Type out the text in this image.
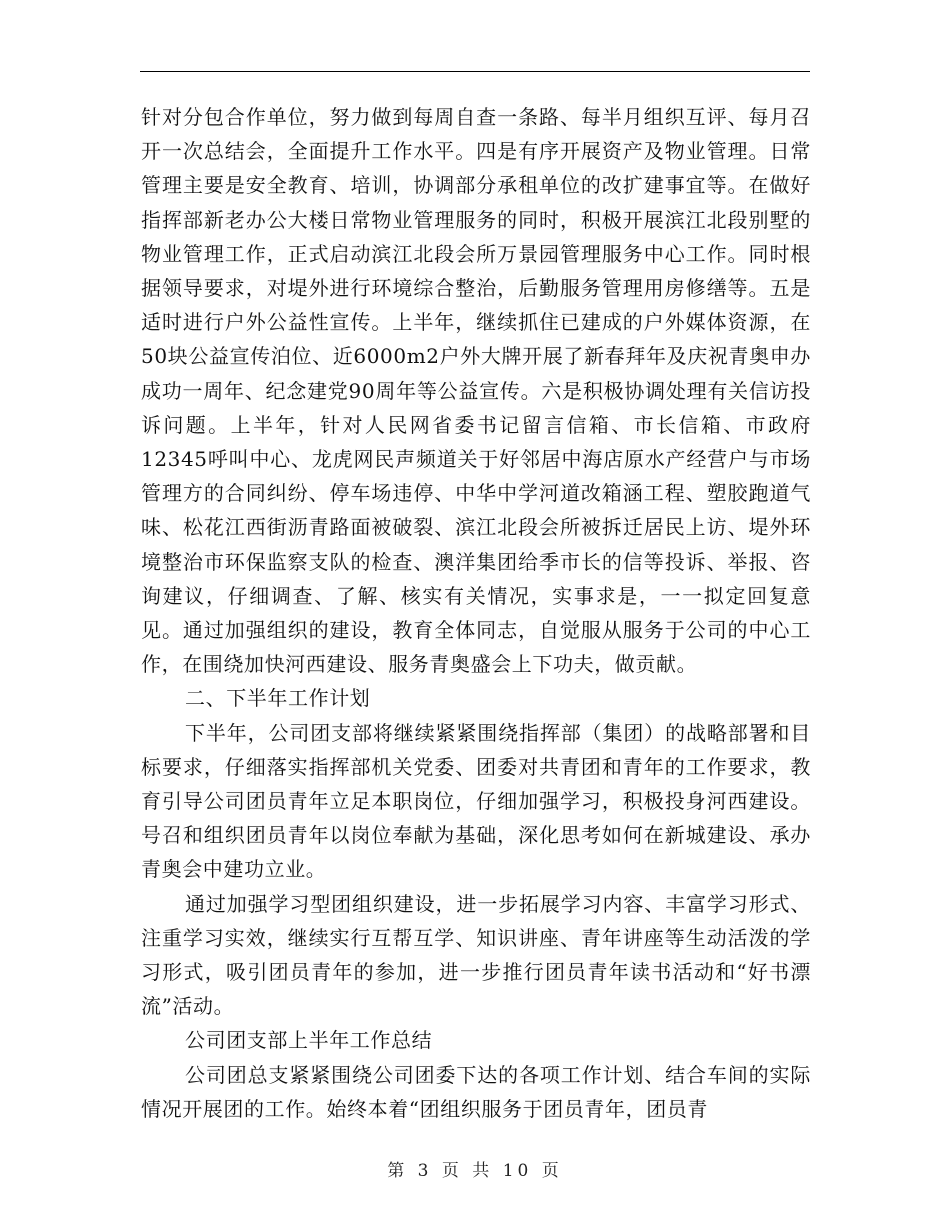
针对分包合作单位，努力做到每周自查一条路、每半月组织互评、每月召开一次总结会，全面提升工作水平。四是有序开展资产及物业管理。日常管理主要是安全教育、培训，协调部分承租单位的改扩建事宜等。在做好指挥部新老办公大楼日常物业管理服务的同时，积极开展滨江北段别墅的物业管理工作，正式启动滨江北段会所万景园管理服务中心工作。同时根据领导要求，对堤外进行环境综合整治，后勤服务管理用房修缮等。五是适时进行户外公益性宣传。上半年，继续抓住已建成的户外媒体资源，在50块公益宣传泊位、近6000m2户外大牌开展了新春拜年及庆祝青奥申办成功一周年、纪念建党90周年等公益宣传。六是积极协调处理有关信访投诉问题。上半年，针对人民网省委书记留言信箱、市长信箱、市政府12345呼叫中心、龙虎网民声频道关于好邻居中海店原水产经营户与市场管理方的合同纠纷、停车场违停、中华中学河道改箱涵工程、塑胶跑道气味、松花江西街沥青路面被破裂、滨江北段会所被拆迁居民上访、堤外环境整治市环保监察支队的检查、澳洋集团给季市长的信等投诉、举报、咨询建议，仔细调查、了解、核实有关情况，实事求是，一一拟定回复意见。通过加强组织的建设，教育全体同志，自觉服从服务于公司的中心工作，在围绕加快河西建设、服务青奥盛会上下功夫，做贡献。

二、下半年工作计划

下半年，公司团支部将继续紧紧围绕指挥部（集团）的战略部署和目标要求，仔细落实指挥部机关党委、团委对共青团和青年的工作要求，教育引导公司团员青年立足本职岗位，仔细加强学习，积极投身河西建设。号召和组织团员青年以岗位奉献为基础，深化思考如何在新城建设、承办青奥会中建功立业。

通过加强学习型团组织建设，进一步拓展学习内容、丰富学习形式、注重学习实效，继续实行互帮互学、知识讲座、青年讲座等生动活泼的学习形式，吸引团员青年的参加，进一步推行团员青年读书活动和“好书漂流”活动。

公司团支部上半年工作总结

公司团总支紧紧围绕公司团委下达的各项工作计划、结合车间的实际情况开展团的工作。始终本着“团组织服务于团员青年，团员青

第 3 页 共 10 页
